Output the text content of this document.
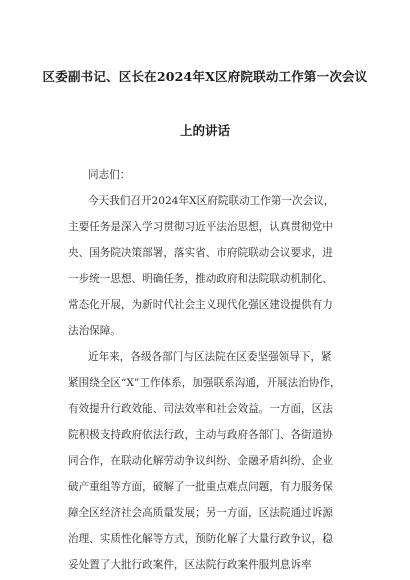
区委副书记、区长在2024年X区府院联动工作第一次会议
上的讲话
同志们：
今天我们召开2024年X区府院联动工作第一次会议，
主要任务是深入学习贯彻习近平法治思想，认真贯彻党中
央、国务院决策部署，落实省、市府院联动会议要求，进
一步统一思想、明确任务，推动政府和法院联动机制化、
常态化开展，为新时代社会主义现代化强区建设提供有力
法治保障。
近年来，各级各部门与区法院在区委坚强领导下，紧
紧围绕全区“X”工作体系，加强联系沟通，开展法治协作，
有效提升行政效能、司法效率和社会效益。一方面，区法
院积极支持政府依法行政，主动与政府各部门、各街道协
同合作，在联动化解劳动争议纠纷、金融矛盾纠纷、企业
破产重组等方面，破解了一批重点难点问题，有力服务保
障全区经济社会高质量发展；另一方面，区法院通过诉源
治理、实质性化解等方式，预防化解了大量行政争议，稳
妥处置了大批行政案件，区法院行政案件服判息诉率
